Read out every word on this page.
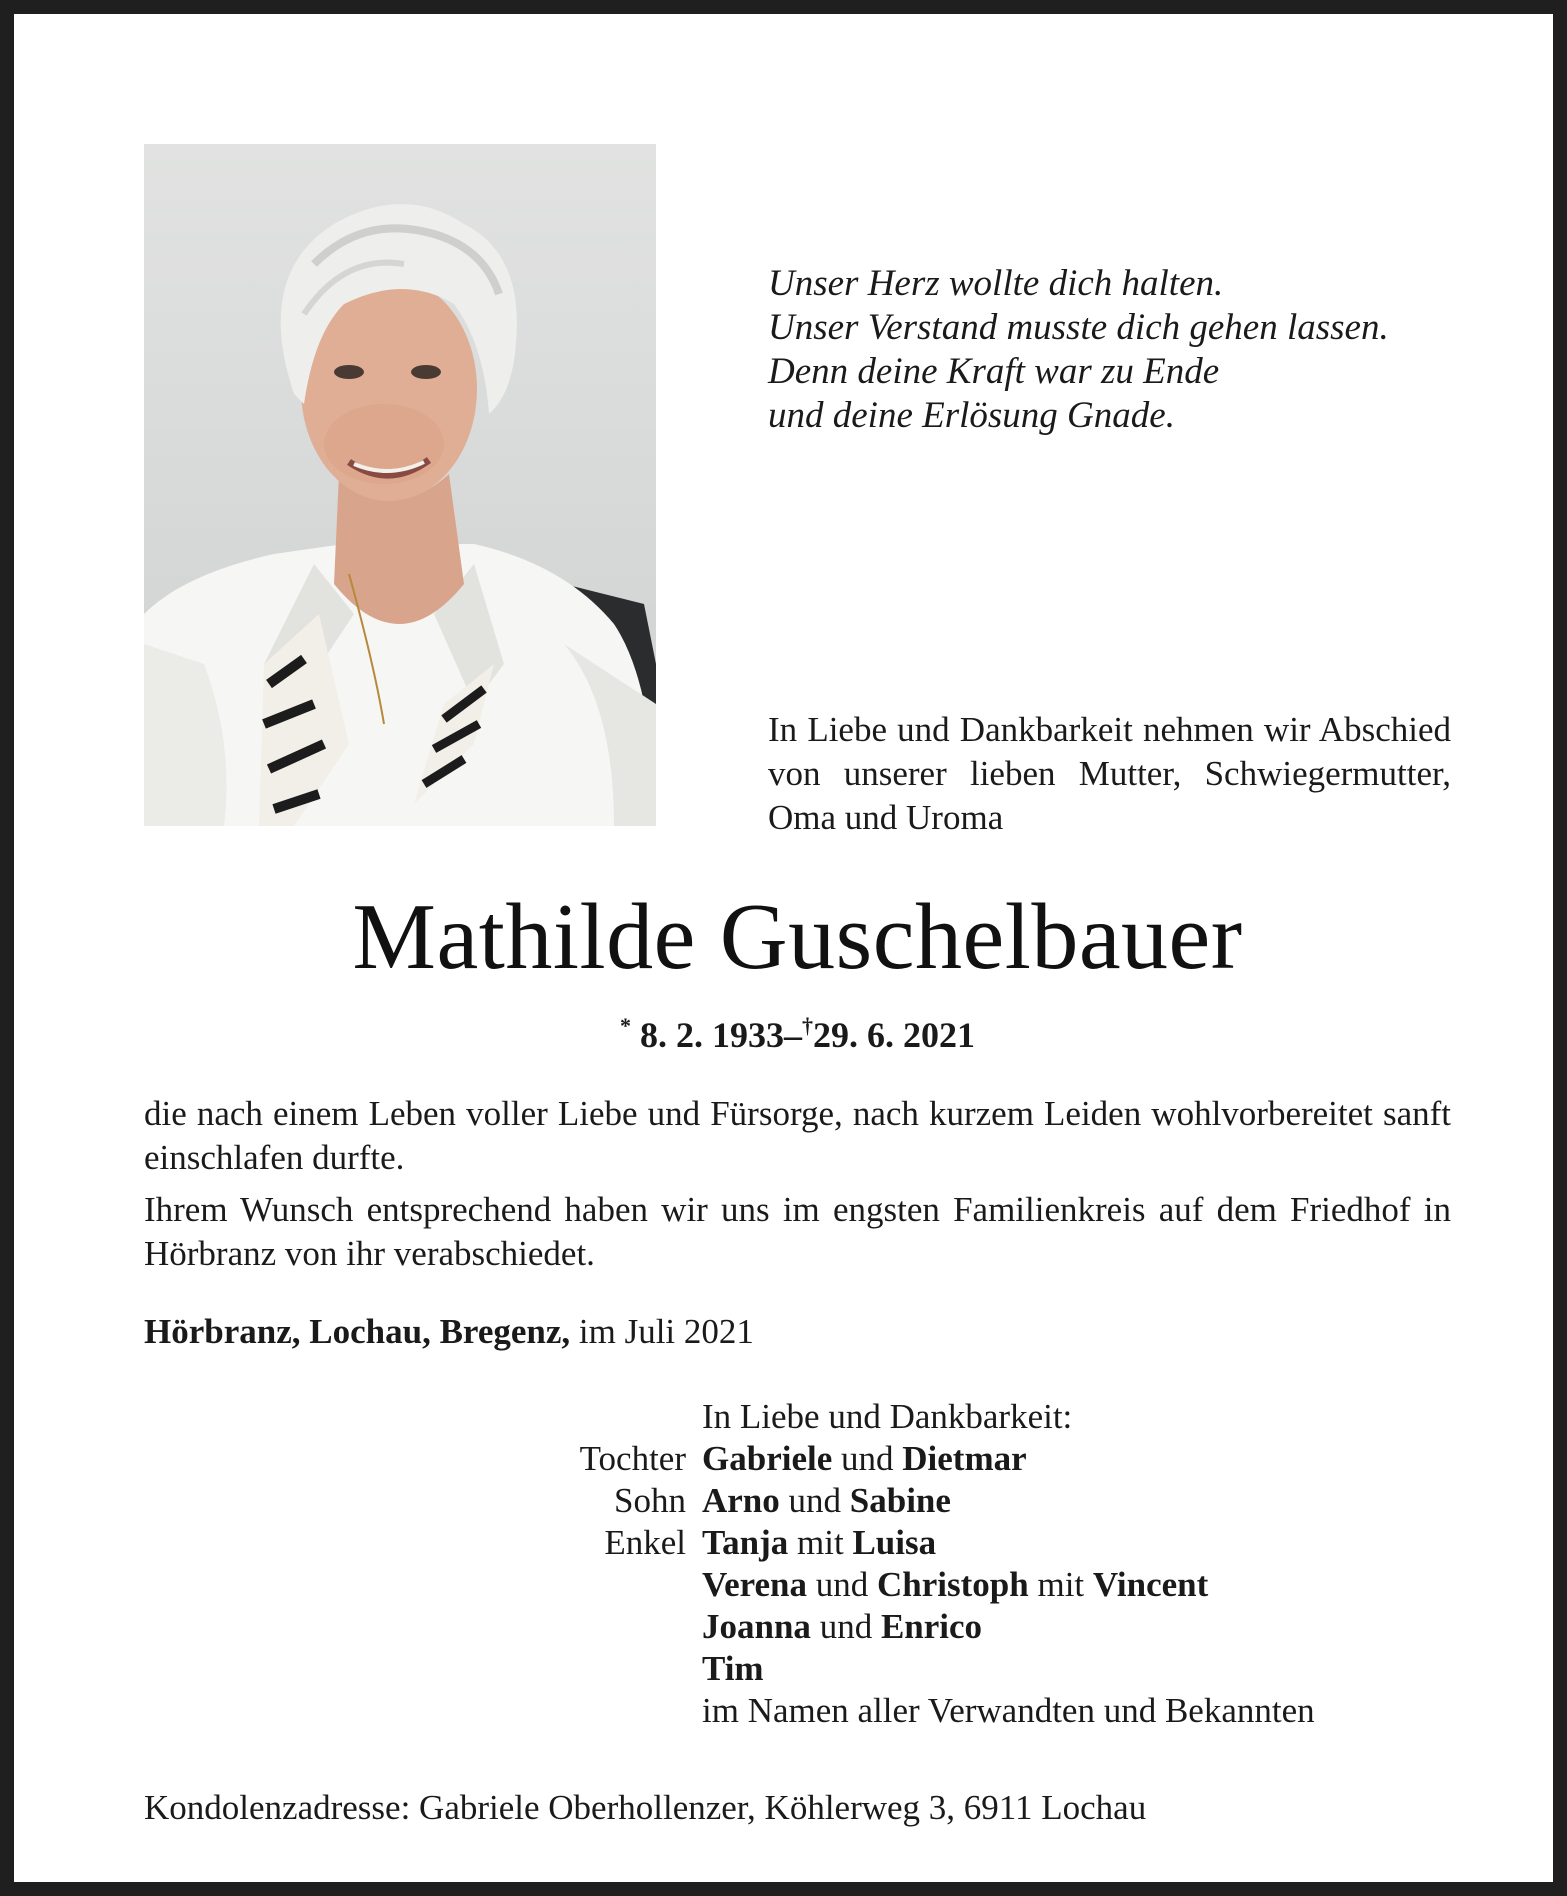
Unser Herz wollte dich halten.
Unser Verstand musste dich gehen lassen.
Denn deine Kraft war zu Ende
und deine Erlösung Gnade.
In Liebe und Dankbarkeit nehmen wir Abschied von unserer lieben Mutter, Schwiegermutter, Oma und Uroma
Mathilde Guschelbauer
* 8. 2. 1933–†29. 6. 2021

die nach einem Leben voller Liebe und Fürsorge, nach kurzem Leiden wohlvorbereitet sanft einschlafen durfte.

Ihrem Wunsch entsprechend haben wir uns im engsten Familienkreis auf dem Friedhof in Hörbranz von ihr verabschiedet.

Hörbranz, Lochau, Bregenz, im Juli 2021
In Liebe und Dankbarkeit:
Tochter Gabriele und Dietmar
Sohn Arno und Sabine
Enkel Tanja mit Luisa
Verena und Christoph mit Vincent
Joanna und Enrico
Tim
im Namen aller Verwandten und Bekannten
Kondolenzadresse: Gabriele Oberhollenzer, Köhlerweg 3, 6911 Lochau
